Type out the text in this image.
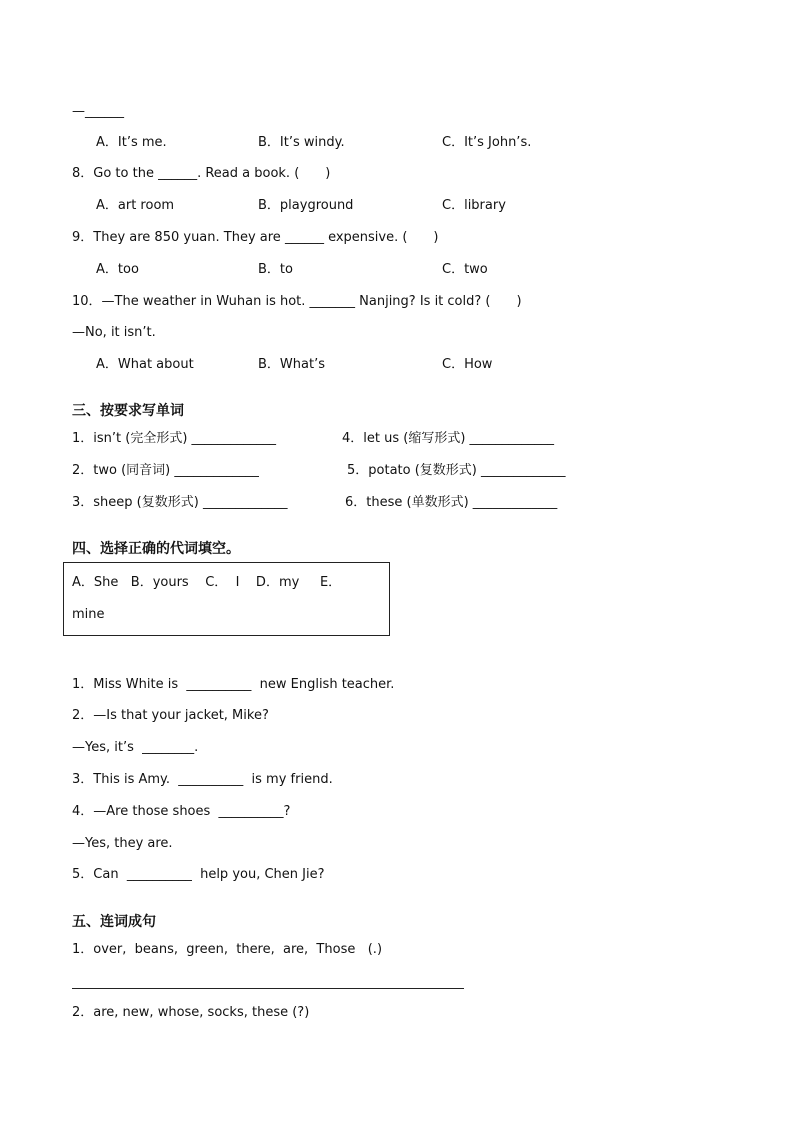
—______
A．It’s me.	B．It’s windy.	C．It’s John’s.
8．Go to the ______. Read a book. (　　)
A．art room	B．playground	C．library
9．They are 850 yuan. They are ______ expensive. (　　)
A．too	B．to	C．two
10．—The weather in Wuhan is hot. _______ Nanjing? Is it cold? (　　)
—No, it isn’t.
A．What about	B．What’s	C．How
三、按要求写单词
1．isn’t (完全形式) _____________	4．let us (缩写形式) _____________
2．two (同音词) _____________	5．potato (复数形式) _____________
3．sheep (复数形式) _____________	6．these (单数形式) _____________
四、选择正确的代词填空。
A．She   B．yours    C．  I    D．my     E．
mine
1．Miss White is  __________  new English teacher.
2．—Is that your jacket, Mike?
—Yes, it’s  ________.
3．This is Amy.  __________  is my friend.
4．—Are those shoes  __________?
—Yes, they are.
5．Can  __________  help you, Chen Jie?
五、连词成句
1．over,  beans,  green,  there,  are,  Those   (.)
2．are, new, whose, socks, these (?)
